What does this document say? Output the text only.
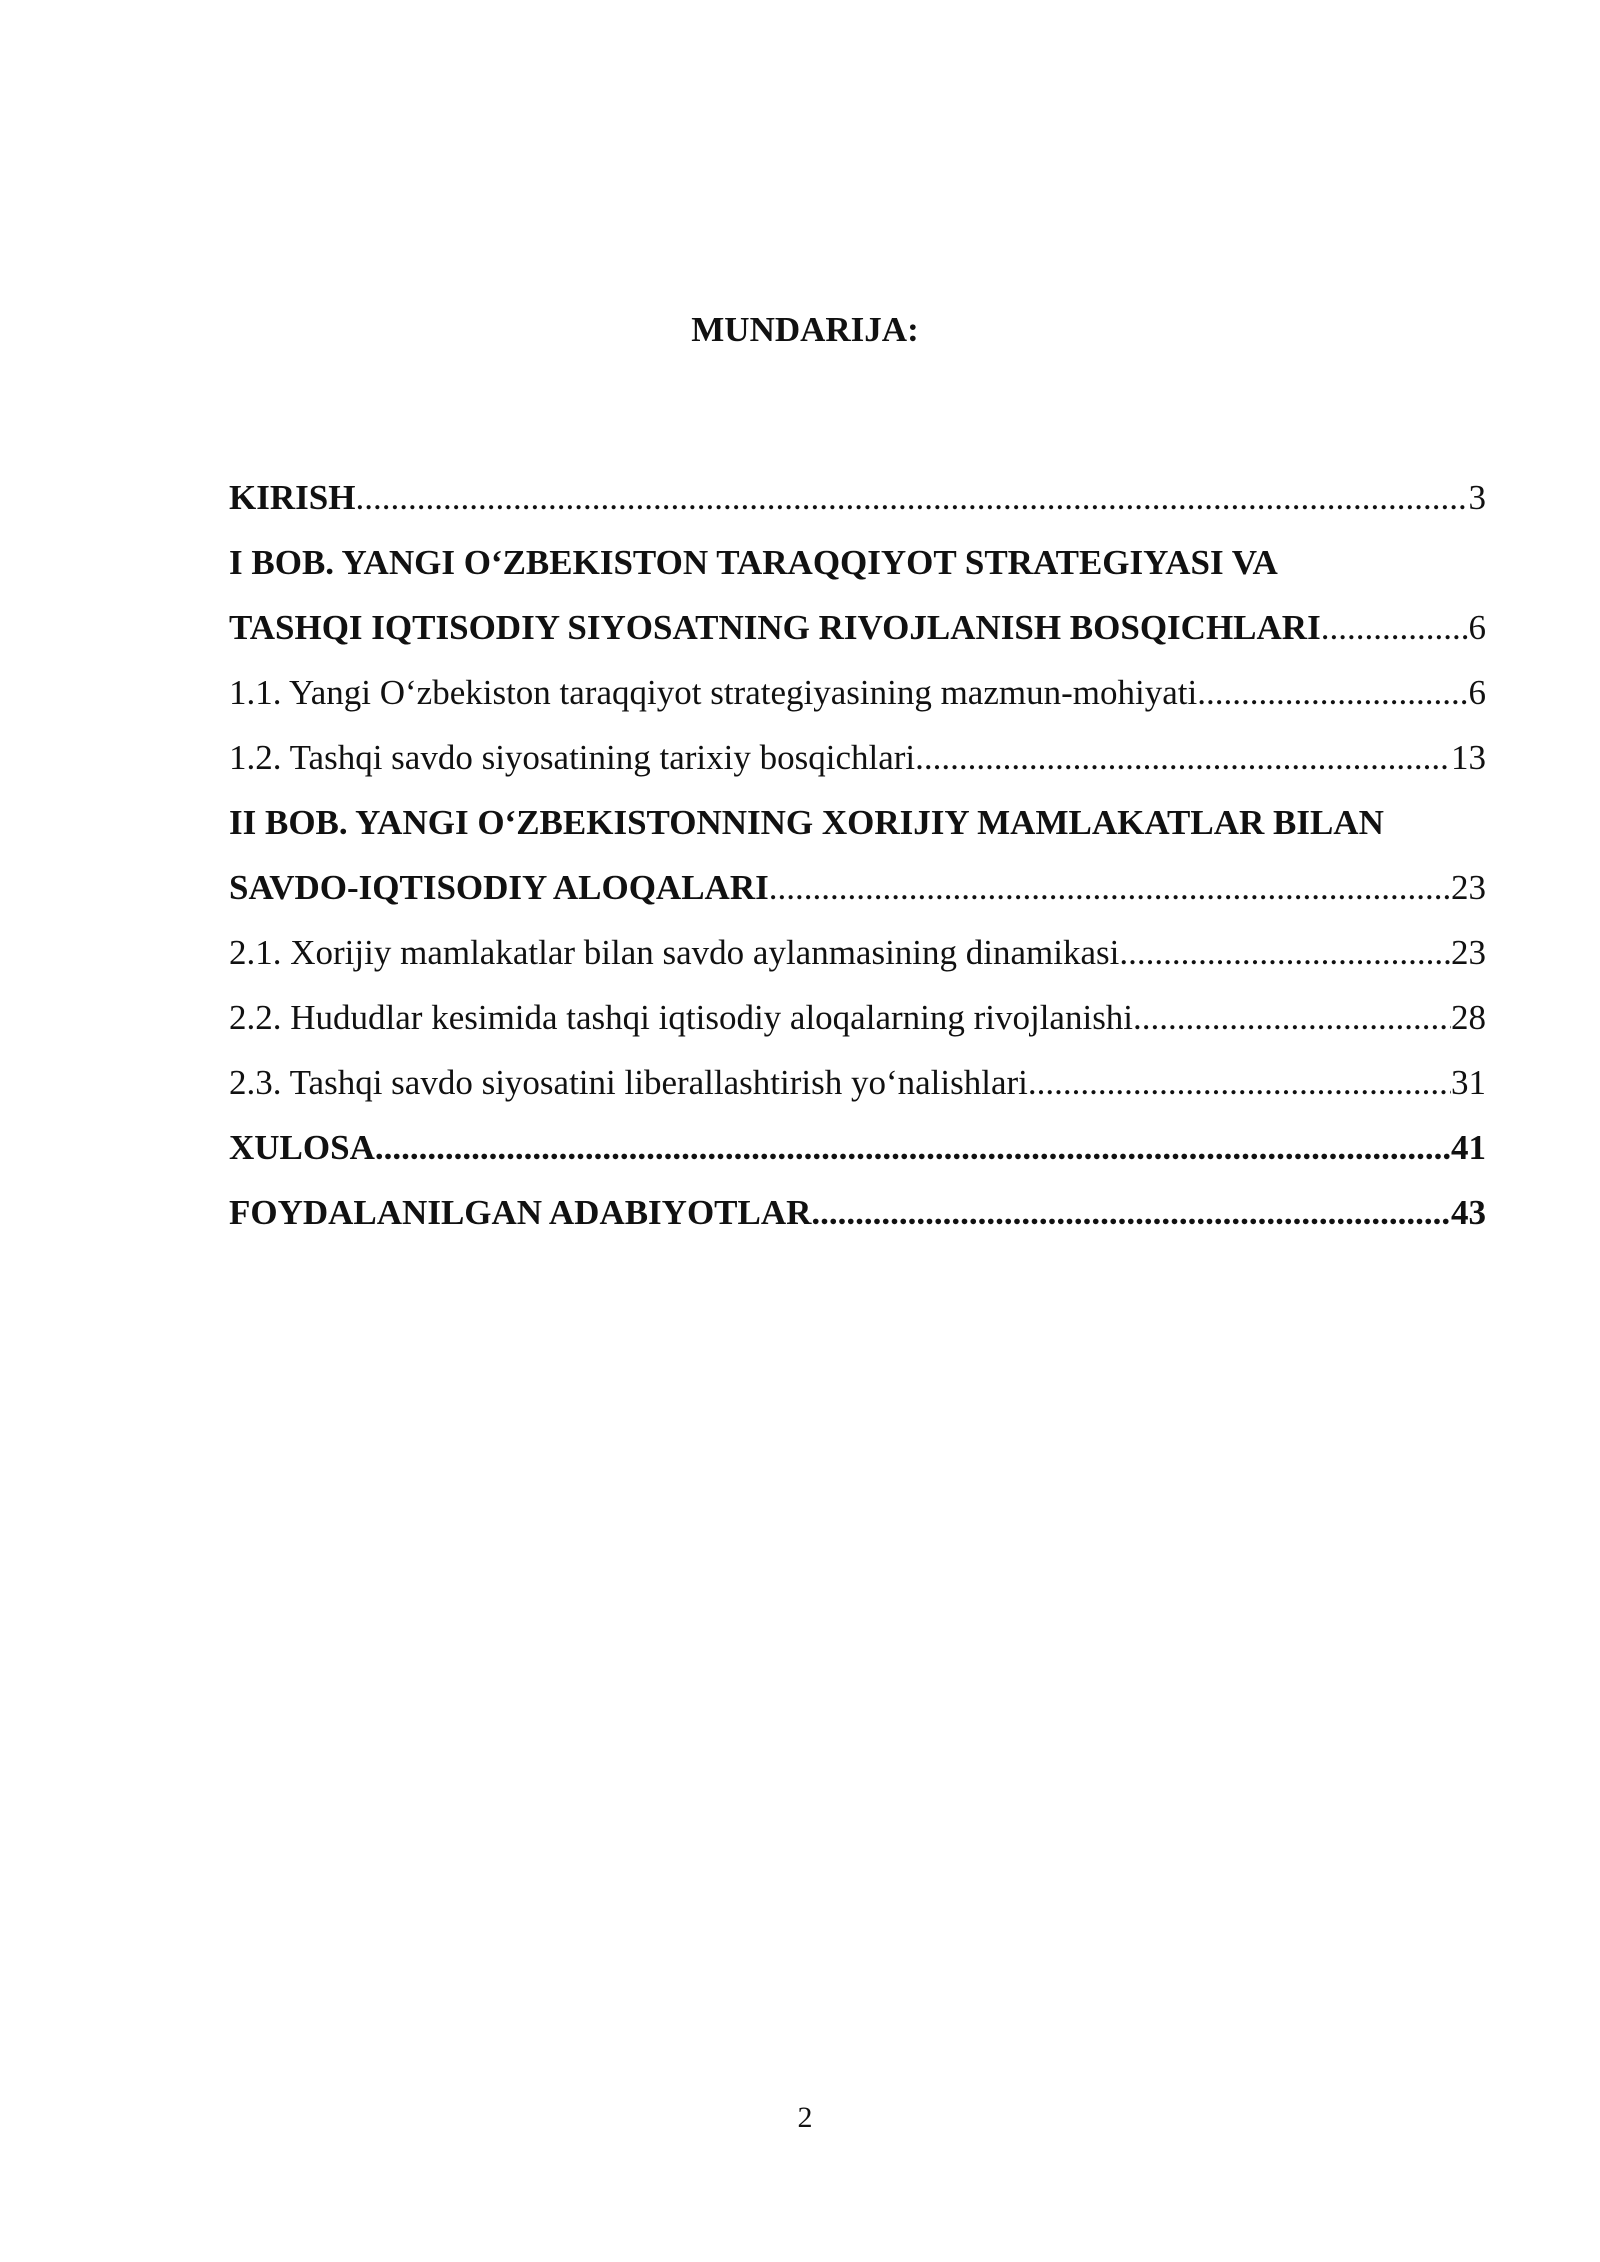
MUNDARIJA:
KIRISH .....	3
I BOB. YANGI O‘ZBEKISTON TARAQQIYOT STRATEGIYASI VA
TASHQI IQTISODIY SIYOSATNING RIVOJLANISH BOSQICHLARI .....	6
1.1. Yangi O‘zbekiston taraqqiyot strategiyasining mazmun-mohiyati .....	6
1.2. Tashqi savdo siyosatining tarixiy bosqichlari .....	13
II BOB. YANGI O‘ZBEKISTONNING XORIJIY MAMLAKATLAR BILAN
SAVDO-IQTISODIY ALOQALARI .....	23
2.1. Xorijiy mamlakatlar bilan savdo aylanmasining dinamikasi .....	23
2.2. Hududlar kesimida tashqi iqtisodiy aloqalarning rivojlanishi .....	28
2.3. Tashqi savdo siyosatini liberallashtirish yo‘nalishlari .....	31
XULOSA .....	41
FOYDALANILGAN ADABIYOTLAR .....	43
2
